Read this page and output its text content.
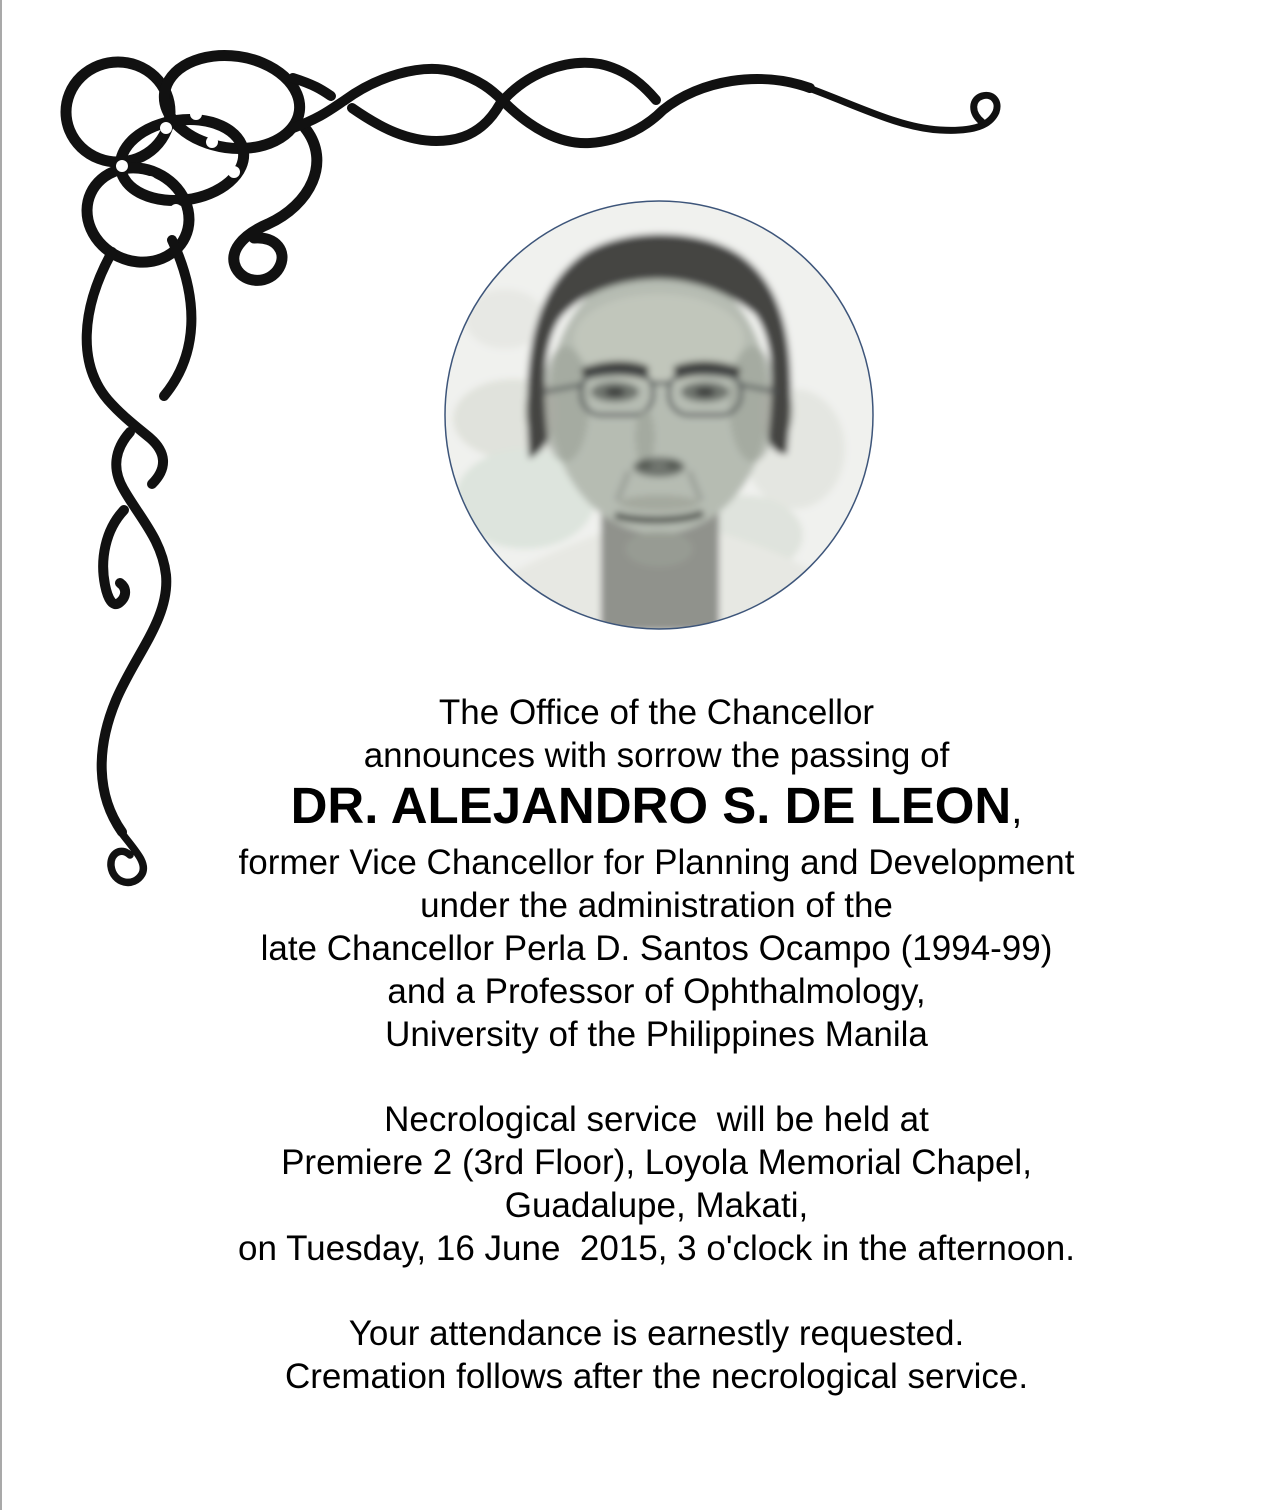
The Office of the Chancellor

announces with sorrow the passing of

DR. ALEJANDRO S. DE LEON,

former Vice Chancellor for Planning and Development

under the administration of the

late Chancellor Perla D. Santos Ocampo (1994-99)

and a Professor of Ophthalmology,

University of the Philippines Manila

Necrological service  will be held at

Premiere 2 (3rd Floor), Loyola Memorial Chapel,

Guadalupe, Makati,

on Tuesday, 16 June  2015, 3 o'clock in the afternoon.

Your attendance is earnestly requested.

Cremation follows after the necrological service.
